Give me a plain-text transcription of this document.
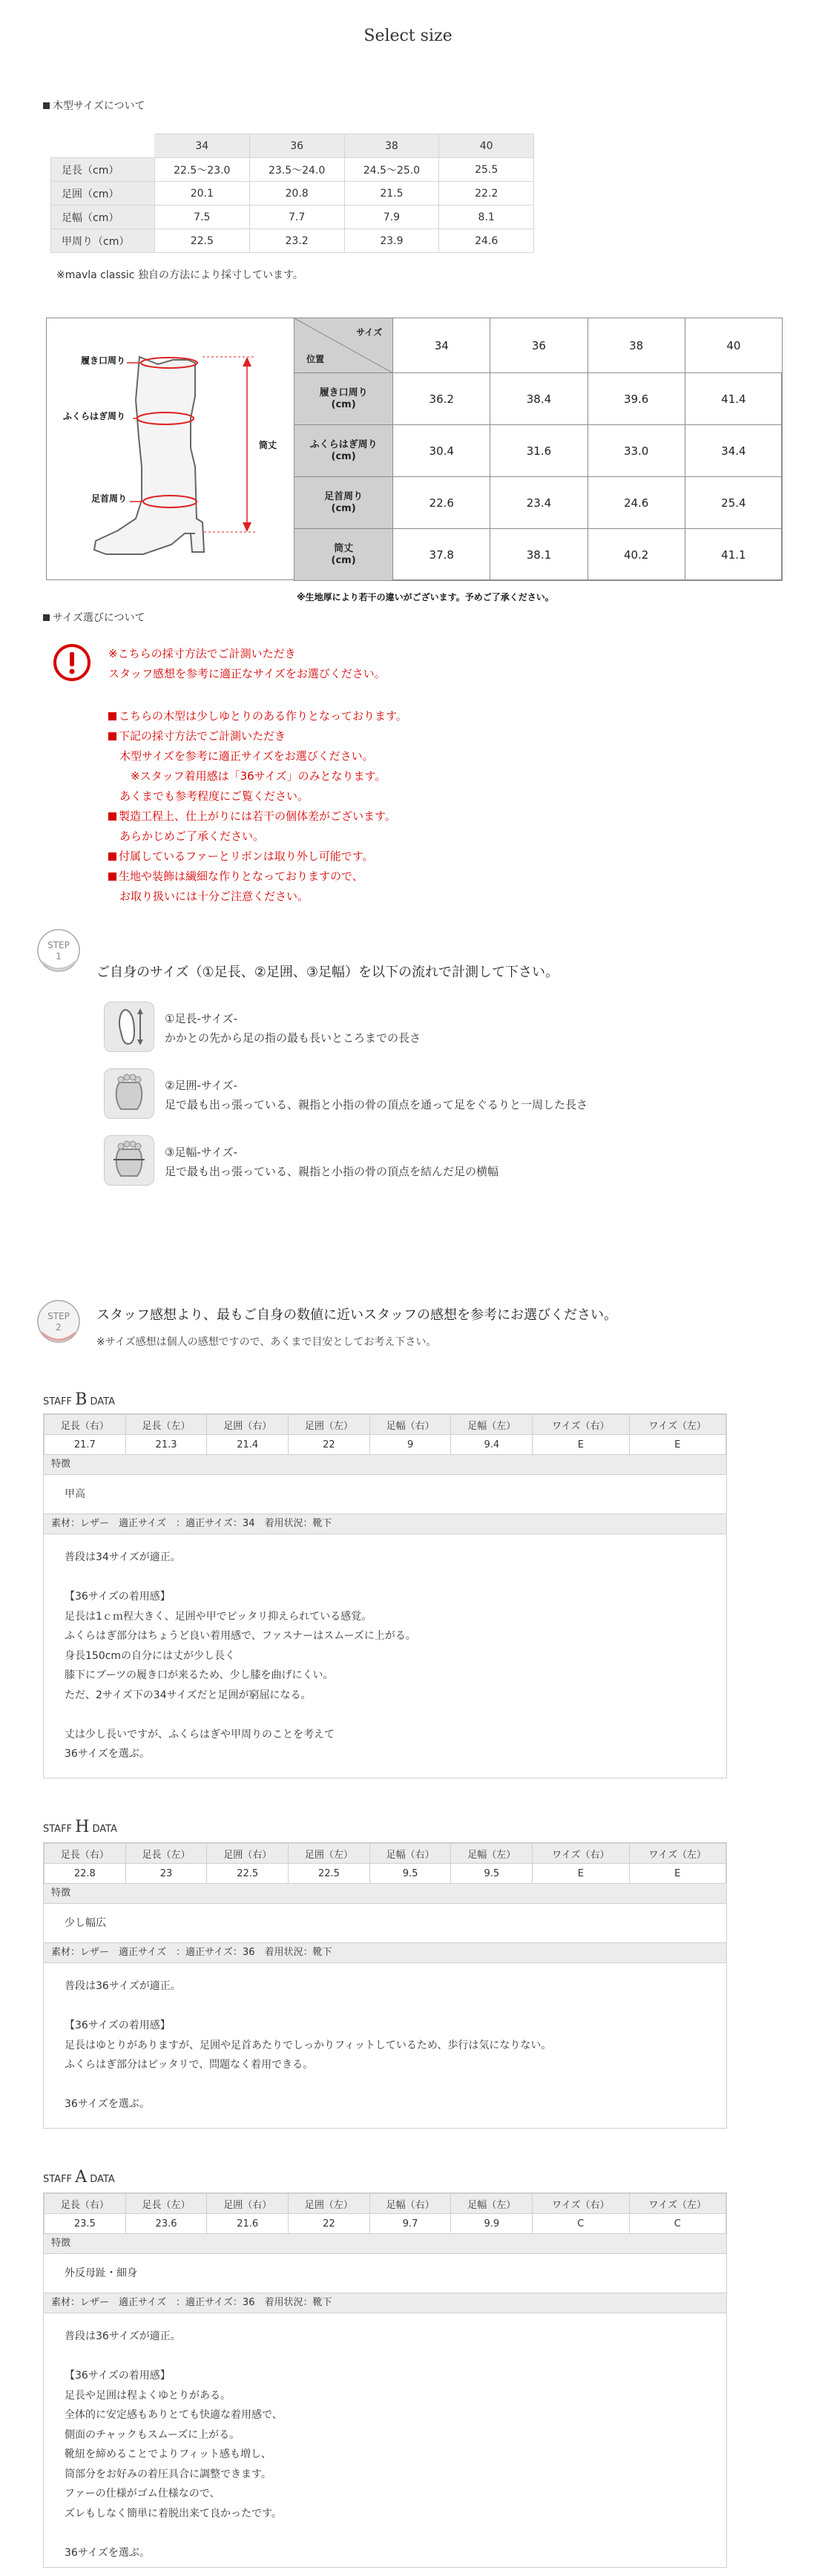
Select size
木型サイズについて
	34	36	38	40
足長（cm）	22.5〜23.0	23.5〜24.0	24.5〜25.0	25.5
足囲（cm）	20.1	20.8	21.5	22.2
足幅（cm）	7.5	7.7	7.9	8.1
甲周り（cm）	22.5	23.2	23.9	24.6
※mavla classic 独自の方法により採寸しています。
履き口周り
ふくらはぎ周り
足首周り
筒丈
サイズ
位置	34	36	38	40
履き口周り
(cm)	36.2	38.4	39.6	41.4
ふくらはぎ周り
(cm)	30.4	31.6	33.0	34.4
足首周り
(cm)	22.6	23.4	24.6	25.4
筒丈
(cm)	37.8	38.1	40.2	41.1
※生地厚により若干の違いがございます。予めご了承ください。
サイズ選びについて
※こちらの採寸方法でご計測いただき
スタッフ感想を参考に適正なサイズをお選びください。
こちらの木型は少しゆとりのある作りとなっております。
下記の採寸方法でご計測いただき
　木型サイズを参考に適正サイズをお選びください。
　　※スタッフ着用感は「36サイズ」のみとなります。
　あくまでも参考程度にご覧ください。
製造工程上、仕上がりには若干の個体差がございます。
　あらかじめご了承ください。
付属しているファーとリボンは取り外し可能です。
生地や装飾は繊細な作りとなっておりますので、
　お取り扱いには十分ご注意ください。
STEP
1
ご自身のサイズ（①足長、②足囲、③足幅）を以下の流れで計測して下さい。
①足長-サイズ-
かかとの先から足の指の最も長いところまでの長さ
②足囲-サイズ-
足で最も出っ張っている、親指と小指の骨の頂点を通って足をぐるりと一周した長さ
③足幅-サイズ-
足で最も出っ張っている、親指と小指の骨の頂点を結んだ足の横幅
STEP
2
スタッフ感想より、最もご自身の数値に近いスタッフの感想を参考にお選びください。
※サイズ感想は個人の感想ですので、あくまで目安としてお考え下さい。
STAFF B DATA
足長（右）	足長（左）	足囲（右）	足囲（左）	足幅（右）	足幅（左）	ワイズ（右）	ワイズ（左）
21.7	21.3	21.4	22	9	9.4	E	E
特徴
甲高
素材：レザー　適正サイズ　：適正サイズ：34　着用状況：靴下
普段は34サイズが適正。
【36サイズの着用感】
足長は1ｃｍ程大きく、足囲や甲でピッタリ抑えられている感覚。
ふくらはぎ部分はちょうど良い着用感で、ファスナーはスムーズに上がる。
身長150cmの自分には丈が少し長く
膝下にブーツの履き口が来るため、少し膝を曲げにくい。
ただ、2サイズ下の34サイズだと足囲が窮屈になる。
丈は少し長いですが、ふくらはぎや甲周りのことを考えて
36サイズを選ぶ。
STAFF H DATA
足長（右）	足長（左）	足囲（右）	足囲（左）	足幅（右）	足幅（左）	ワイズ（右）	ワイズ（左）
22.8	23	22.5	22.5	9.5	9.5	E	E
特徴
少し幅広
素材：レザー　適正サイズ　：適正サイズ：36　着用状況：靴下
普段は36サイズが適正。
【36サイズの着用感】
足長はゆとりがありますが、足囲や足首あたりでしっかりフィットしているため、歩行は気になりない。
ふくらはぎ部分はピッタリで、問題なく着用できる。
36サイズを選ぶ。
STAFF A DATA
足長（右）	足長（左）	足囲（右）	足囲（左）	足幅（右）	足幅（左）	ワイズ（右）	ワイズ（左）
23.5	23.6	21.6	22	9.7	9.9	C	C
特徴
外反母趾・細身
素材：レザー　適正サイズ　：適正サイズ：36　着用状況：靴下
普段は36サイズが適正。
【36サイズの着用感】
足長や足囲は程よくゆとりがある。
全体的に安定感もありとても快適な着用感で、
側面のチャックもスムーズに上がる。
靴紐を締めることでよりフィット感も増し、
筒部分をお好みの着圧具合に調整できます。
ファーの仕様がゴム仕様なので、
ズレもしなく簡単に着脱出来て良かったです。
36サイズを選ぶ。
